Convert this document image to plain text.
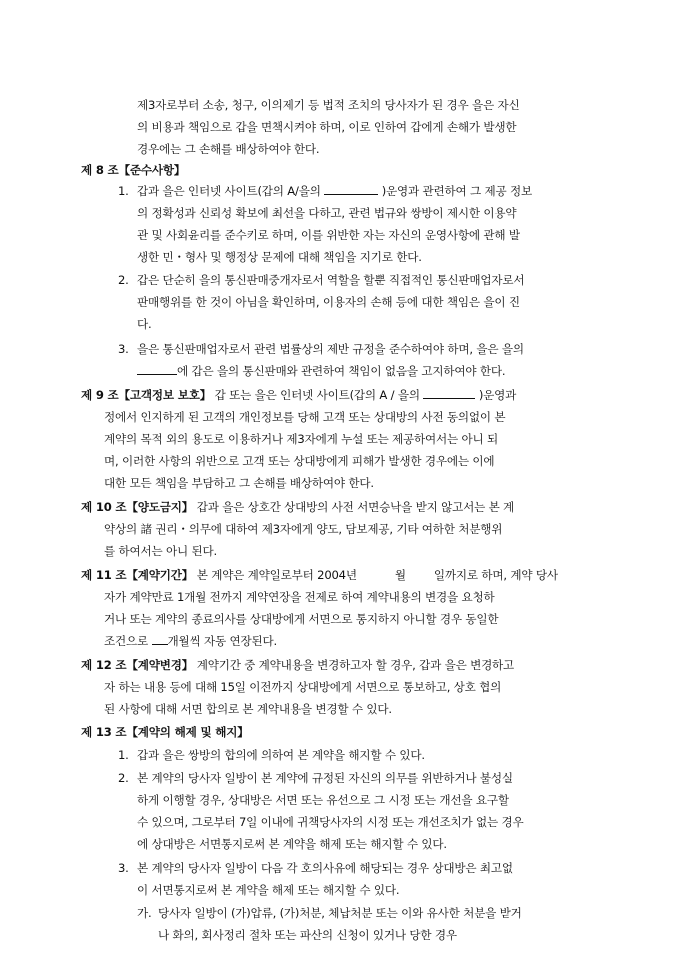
제3자로부터 소송, 청구, 이의제기 등 법적 조치의 당사자가 된 경우 을은 자신
의 비용과 책임으로 갑을 면책시켜야 하며, 이로 인하여 갑에게 손해가 발생한
경우에는 그 손해를 배상하여야 한다.
제 8 조【준수사항】
1. 갑과 을은 인터넷 사이트(갑의 A/을의	)운영과 관련하여 그 제공 정보
의 정확성과 신뢰성 확보에 최선을 다하고, 관련 법규와 쌍방이 제시한 이용약
관 및 사회윤리를 준수키로 하며, 이를 위반한 자는 자신의 운영사항에 관해 발
생한 민・형사 및 행정상 문제에 대해 책임을 지기로 한다.
2. 갑은 단순히 을의 통신판매중개자로서 역할을 할뿐 직접적인 통신판매업자로서
판매행위를 한 것이 아님을 확인하며, 이용자의 손해 등에 대한 책임은 을이 진
다.
3. 을은 통신판매업자로서 관련 법률상의 제반 규정을 준수하여야 하며, 을은 을의
에 갑은 을의 통신판매와 관련하여 책임이 없음을 고지하여야 한다.
제 9 조【고객정보 보호】 갑 또는 을은 인터넷 사이트(갑의 A / 을의	)운영과
정에서 인지하게 된 고객의 개인정보를 당해 고객 또는 상대방의 사전 동의없이 본
계약의 목적 외의 용도로 이용하거나 제3자에게 누설 또는 제공하여서는 아니 되
며, 이러한 사항의 위반으로 고객 또는 상대방에게 피해가 발생한 경우에는 이에
대한 모든 책임을 부담하고 그 손해를 배상하여야 한다.
제 10 조【양도금지】 갑과 을은 상호간 상대방의 사전 서면승낙을 받지 않고서는 본 계
약상의 諸 권리・의무에 대하여 제3자에게 양도, 담보제공, 기타 여하한 처분행위
를 하여서는 아니 된다.
제 11 조【계약기간】 본 계약은 계약일로부터 2004년	월 일까지로 하며, 계약 당사
자가 계약만료 1개월 전까지 계약연장을 전제로 하여 계약내용의 변경을 요청하
거나 또는 계약의 종료의사를 상대방에게 서면으로 통지하지 아니할 경우 동일한
조건으로 개월씩 자동 연장된다.
제 12 조【계약변경】 계약기간 중 계약내용을 변경하고자 할 경우, 갑과 을은 변경하고
자 하는 내용 등에 대해 15일 이전까지 상대방에게 서면으로 통보하고, 상호 협의
된 사항에 대해 서면 합의로 본 계약내용을 변경할 수 있다.
제 13 조【계약의 해제 및 해지】
1. 갑과 을은 쌍방의 합의에 의하여 본 계약을 해지할 수 있다.
2. 본 계약의 당사자 일방이 본 계약에 규정된 자신의 의무를 위반하거나 불성실
하게 이행할 경우, 상대방은 서면 또는 유선으로 그 시정 또는 개선을 요구할
수 있으며, 그로부터 7일 이내에 귀책당사자의 시정 또는 개선조치가 없는 경우
에 상대방은 서면통지로써 본 계약을 해제 또는 해지할 수 있다.
3. 본 계약의 당사자 일방이 다음 각 호의사유에 해당되는 경우 상대방은 최고없
이 서면통지로써 본 계약을 해제 또는 해지할 수 있다.
가. 당사자 일방이 (가)압류, (가)처분, 체납처분 또는 이와 유사한 처분을 받거
나 화의, 회사정리 절차 또는 파산의 신청이 있거나 당한 경우
